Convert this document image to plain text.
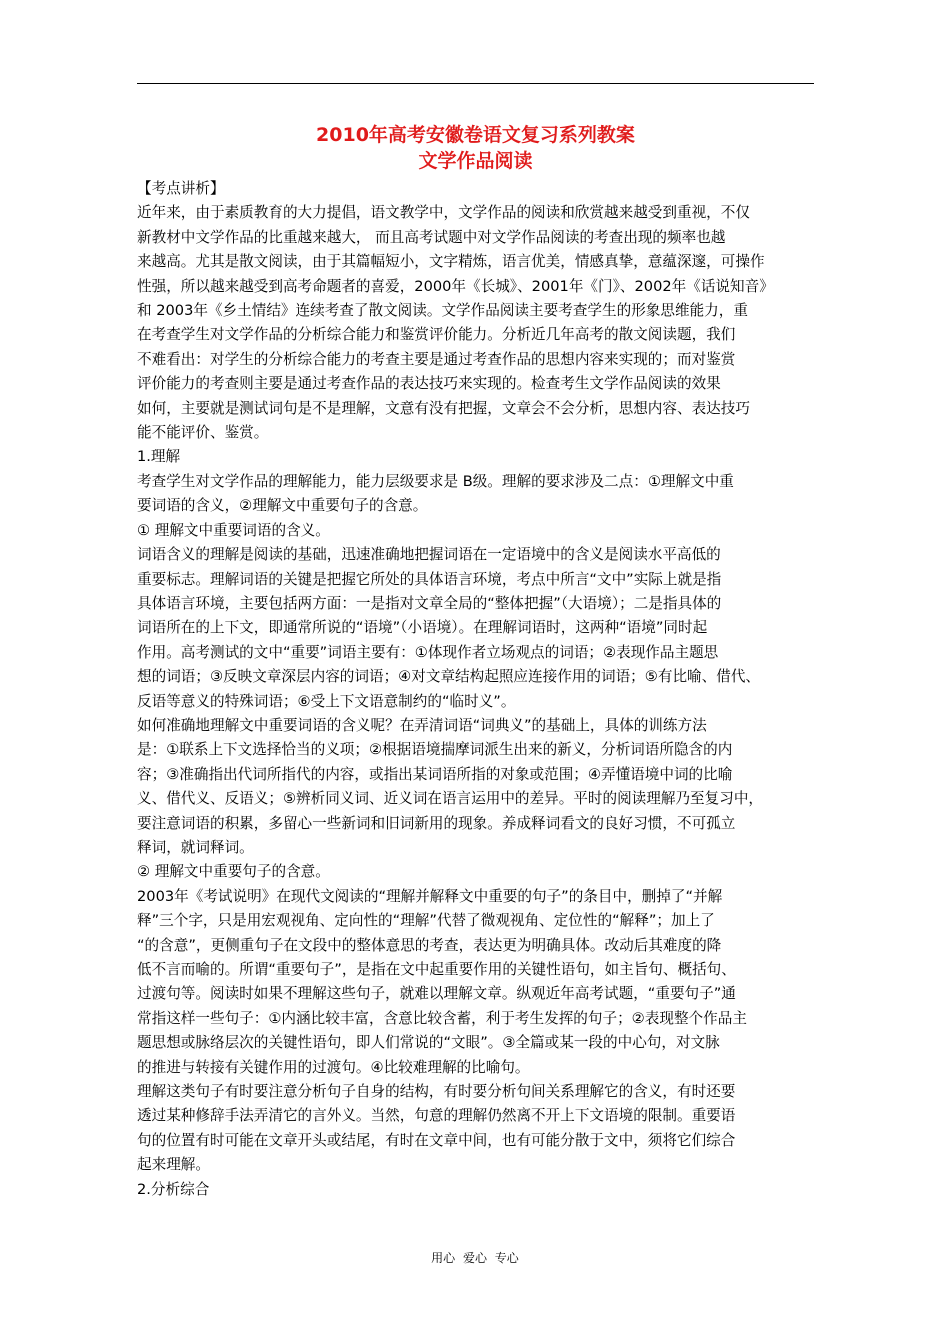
2010年高考安徽卷语文复习系列教案
文学作品阅读

【考点讲析】

近年来，由于素质教育的大力提倡，语文教学中，文学作品的阅读和欣赏越来越受到重视，不仅

新教材中文学作品的比重越来越大， 而且高考试题中对文学作品阅读的考查出现的频率也越

来越高。尤其是散文阅读，由于其篇幅短小，文字精炼，语言优美，情感真挚，意蕴深邃，可操作

性强，所以越来越受到高考命题者的喜爱，2000年《长城》、2001年《门》、2002年《话说知音》

和 2003年《乡土情结》连续考查了散文阅读。文学作品阅读主要考查学生的形象思维能力，重

在考查学生对文学作品的分析综合能力和鉴赏评价能力。分析近几年高考的散文阅读题，我们

不难看出：对学生的分析综合能力的考查主要是通过考查作品的思想内容来实现的；而对鉴赏

评价能力的考查则主要是通过考查作品的表达技巧来实现的。检查考生文学作品阅读的效果

如何，主要就是测试词句是不是理解，文意有没有把握，文章会不会分析，思想内容、表达技巧

能不能评价、鉴赏。

1.理解

考查学生对文学作品的理解能力，能力层级要求是 B级。理解的要求涉及二点：①理解文中重

要词语的含义，②理解文中重要句子的含意。

① 理解文中重要词语的含义。

词语含义的理解是阅读的基础，迅速准确地把握词语在一定语境中的含义是阅读水平高低的

重要标志。理解词语的关键是把握它所处的具体语言环境，考点中所言“文中”实际上就是指

具体语言环境，主要包括两方面：一是指对文章全局的“整体把握”（大语境）；二是指具体的

词语所在的上下文，即通常所说的“语境”（小语境）。在理解词语时，这两种“语境”同时起

作用。高考测试的文中“重要”词语主要有：①体现作者立场观点的词语；②表现作品主题思

想的词语；③反映文章深层内容的词语；④对文章结构起照应连接作用的词语；⑤有比喻、借代、

反语等意义的特殊词语；⑥受上下文语意制约的“临时义”。

如何准确地理解文中重要词语的含义呢？在弄清词语“词典义”的基础上，具体的训练方法

是：①联系上下文选择恰当的义项；②根据语境揣摩词派生出来的新义，分析词语所隐含的内

容；③准确指出代词所指代的内容，或指出某词语所指的对象或范围；④弄懂语境中词的比喻

义、借代义、反语义；⑤辨析同义词、近义词在语言运用中的差异。平时的阅读理解乃至复习中，

要注意词语的积累，多留心一些新词和旧词新用的现象。养成释词看文的良好习惯，不可孤立

释词，就词释词。

② 理解文中重要句子的含意。

2003年《考试说明》在现代文阅读的“理解并解释文中重要的句子”的条目中，删掉了“并解

释”三个字，只是用宏观视角、定向性的“理解”代替了微观视角、定位性的“解释”；加上了

“的含意”，更侧重句子在文段中的整体意思的考查，表达更为明确具体。改动后其难度的降

低不言而喻的。所谓“重要句子”，是指在文中起重要作用的关键性语句，如主旨句、概括句、

过渡句等。阅读时如果不理解这些句子，就难以理解文章。纵观近年高考试题，“重要句子”通

常指这样一些句子：①内涵比较丰富，含意比较含蓄，利于考生发挥的句子；②表现整个作品主

题思想或脉络层次的关键性语句，即人们常说的“文眼”。③全篇或某一段的中心句，对文脉

的推进与转接有关键作用的过渡句。④比较难理解的比喻句。

理解这类句子有时要注意分析句子自身的结构，有时要分析句间关系理解它的含义，有时还要

透过某种修辞手法弄清它的言外义。当然，句意的理解仍然离不开上下文语境的限制。重要语

句的位置有时可能在文章开头或结尾，有时在文章中间，也有可能分散于文中，须将它们综合

起来理解。

2.分析综合

用心 爱心 专心
